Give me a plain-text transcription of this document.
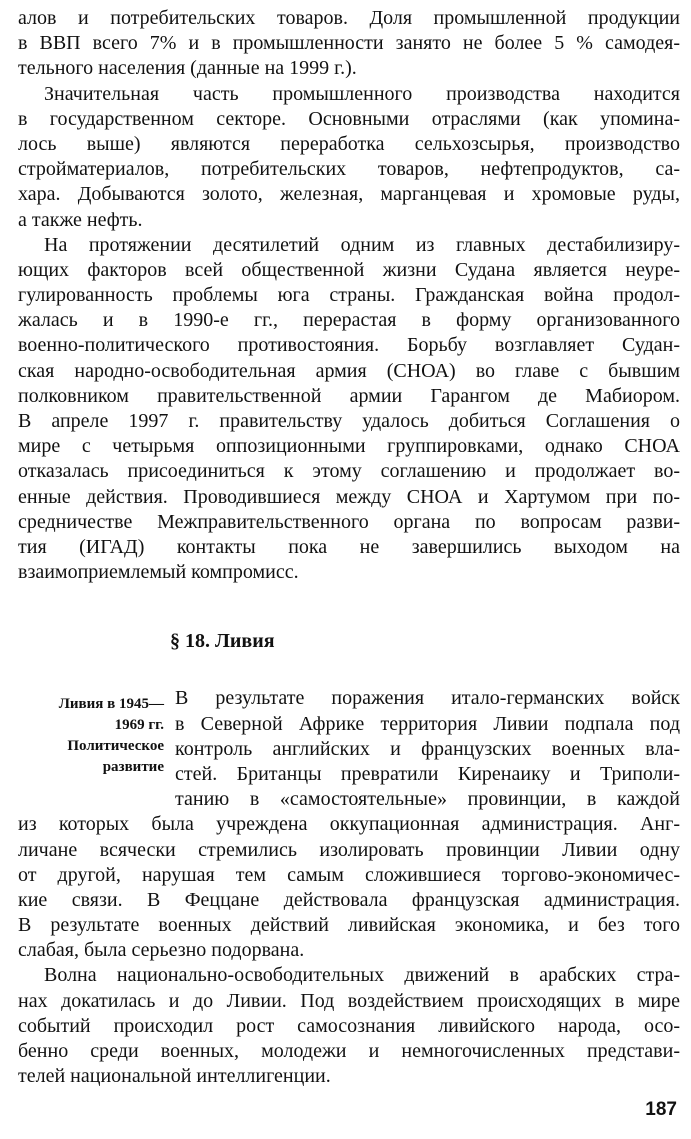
алов и потребительских товаров. Доля промышленной продукции
в ВВП всего 7% и в промышленности занято не более 5 % самодея-
тельного населения (данные на 1999 г.).
Значительная часть промышленного производства находится
в государственном секторе. Основными отраслями (как упомина-
лось выше) являются переработка сельхозсырья, производство
стройматериалов, потребительских товаров, нефтепродуктов, са-
хара. Добываются золото, железная, марганцевая и хромовые руды,
а также нефть.
На протяжении десятилетий одним из главных дестабилизиру-
ющих факторов всей общественной жизни Судана является неуре-
гулированность проблемы юга страны. Гражданская война продол-
жалась и в 1990-е гг., перерастая в форму организованного
военно-политического противостояния. Борьбу возглавляет Судан-
ская народно-освободительная армия (СНОА) во главе с бывшим
полковником правительственной армии Гарангом де Мабиором.
В апреле 1997 г. правительству удалось добиться Соглашения о
мире с четырьмя оппозиционными группировками, однако СНОА
отказалась присоединиться к этому соглашению и продолжает во-
енные действия. Проводившиеся между СНОА и Хартумом при по-
средничестве Межправительственного органа по вопросам разви-
тия (ИГАД) контакты пока не завершились выходом на
взаимоприемлемый компромисс.
§ 18. Ливия
Ливия в 1945—
1969 гг.
Политическое
развитие
В результате поражения итало-германских войск
в Северной Африке территория Ливии подпала под
контроль английских и французских военных вла-
стей. Британцы превратили Киренаику и Триполи-
танию в «самостоятельные» провинции, в каждой
из которых была учреждена оккупационная администрация. Анг-
личане всячески стремились изолировать провинции Ливии одну
от другой, нарушая тем самым сложившиеся торгово-экономичес-
кие связи. В Феццане действовала французская администрация.
В результате военных действий ливийская экономика, и без того
слабая, была серьезно подорвана.
Волна национально-освободительных движений в арабских стра-
нах докатилась и до Ливии. Под воздействием происходящих в мире
событий происходил рост самосознания ливийского народа, осо-
бенно среди военных, молодежи и немногочисленных представи-
телей национальной интеллигенции.
187
